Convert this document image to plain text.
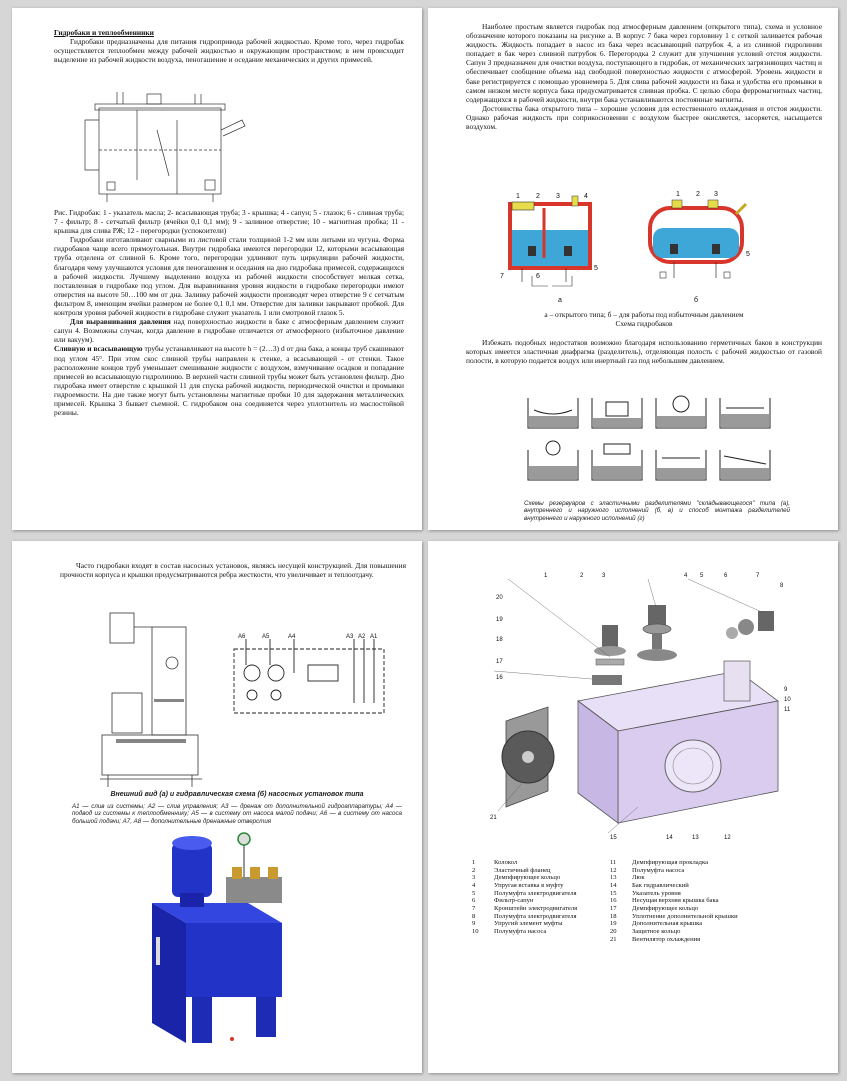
Гидробаки и теплообменники

Гидробаки предназначены для питания гидропривода рабочей жидкостью. Кроме того, через гидробак осуществляется теплообмен между рабочей жидкостью и окружающим пространством; в нем происходит выделение из рабочей жидкости воздуха, пеногашение и оседание механических и других примесей.

Рис. Гидробак: 1 - указатель масла; 2- всасывающая труба; 3 - крышка; 4 - сапун; 5 - глазок; 6 - сливная труба; 7 - фильтр; 8 - сетчатый фильтр (ячейки 0,1 0,1 мм); 9 - заливное отверстие; 10 - магнитная пробка; 11 - крышка для слива РЖ; 12 - перегородки (успокоители)

Гидробаки изготавливают сварными из листовой стали толщиной 1-2 мм или литыми из чугуна. Форма гидробаков чаще всего прямоугольная. Внутри гидробака имеются перегородки 12, которыми всасывающая труба отделена от сливной 6. Кроме того, перегородки удлиняют путь циркуляции рабочей жидкости, благодаря чему улучшаются условия для пеногашения и оседания на дно гидробака примесей, содержащихся в рабочей жидкости. Лучшему выделению воздуха из рабочей жидкости способствует мелкая сетка, поставленная в гидробаке под углом. Для выравнивания уровня жидкости в гидробаке перегородки имеют отверстия на высоте 50…100 мм от дна. Заливку рабочей жидкости производят через отверстие 9 с сетчатым фильтром 8, имеющим ячейки размером не более 0,1 0,1 мм. Отверстие для заливки закрывают пробкой. Для контроля уровня рабочей жидкости в гидробаке служит указатель 1 или смотровой глазок 5.

Для выравнивания давления над поверхностью жидкости в баке с атмосферным давлением служит сапун 4. Возможны случаи, когда давление в гидробаке отличается от атмосферного (избыточное давление или вакуум).

Сливную и всасывающую трубы устанавливают на высоте h = (2…3) d от дна бака, а концы труб скашивают под углом 45°. При этом скос сливной трубы направлен к стенке, а всасывающей - от стенки. Такое расположение концов труб уменьшает смешивание жидкости с воздухом, взмучивание осадков и попадание примесей во всасывающую гидролинию. В верхней части сливной трубы может быть установлен фильтр. Дно гидробака имеет отверстие с крышкой 11 для спуска рабочей жидкости, периодической очистки и промывки гидроемкости. На дне также могут быть установлены магнитные пробки 10 для задержания металлических примесей. Крышка 3 бывает съемной. С гидробаком она соединяется через уплотнитель из маслостойкой резины.

Наиболее простым является гидробак под атмосферным давлением (открытого типа), схема и условное обозначение которого показаны на рисунке а. В корпус 7 бака через горловину 1 с сеткой заливается рабочая жидкость. Жидкость попадает в насос из бака через всасывающий патрубок 4, а из сливной гидролинии попадает в бак через сливной патрубок 6. Перегородка 2 служит для улучшения условий отстоя жидкости. Сапун 3 предназначен для очистки воздуха, поступающего в гидробак, от механических загрязняющих частиц и обеспечивает сообщение объема над свободной поверхностью жидкости с атмосферой. Уровень жидкости в баке регистрируется с помощью уровнемера 5. Для слива рабочей жидкости из бака и удобства его промывки в самом низком месте корпуса бака предусматривается сливная пробка. С целью сбора ферромагнитных частиц, содержащихся в рабочей жидкости, внутри бака устанавливаются постоянные магниты.

Достоинства бака открытого типа – хорошие условия для естественного охлаждения и отстоя жидкости. Однако рабочая жидкость при соприкосновении с воздухом быстрее окисляется, засоряется, насыщается воздухом.

1 2 3	4
7	6
5
1 2 3
5
а	б

а – открытого типа; б – для работы под избыточным давлением

Схема гидробаков

Избежать подобных недостатков возможно благодаря использованию герметичных баков в конструкции которых имеется эластичная диафрагма (разделитель), отделяющая полость с рабочей жидкостью от газовой полости, в которую подается воздух или инертный газ под небольшим давлением.

Схемы резервуаров с эластичными разделителями "складывающегося" типа (а), внутреннего и наружного исполнений (б, в) и способ монтажа разделителей внутреннего и наружного исполнений (г)

Часто гидробаки входят в состав насосных установок, являясь несущей конструкцией. Для повышения прочности корпуса и крышки предусматриваются ребра жесткости, что увеличивает и теплоотдачу.

А6	А5	А4	А3 А2 А1

Внешний вид (а) и гидравлическая схема (б) насосных установок типа

А1 — слив из системы; А2 — слив управления; А3 — дренаж от дополнительной гидроаппаратуры; А4 — подвод из системы к теплообменнику; А5 — в систему от насоса малой подачи; А6 — в систему от насоса большой подачи; А7, А8 — дополнительные дренажные отверстия

1	2	3	4 5	6	7
8
9
10
11
12
13
14
15
16
17
18
19
20
21
1	Колокол
2	Эластичный фланец
3	Демпфирующее кольцо
4	Упругая вставка в муфту
5	Полумуфта электродвигателя
6	Фильтр-сапун
7	Кронштейн электродвигателя
8	Полумуфта электродвигателя
9	Упругий элемент муфты
10	Полумуфта насоса
11	Демпфирующая прокладка
12	Полумуфта насоса
13	Люк
14	Бак гидравлический
15	Указатель уровня
16	Несущая верхняя крышка бака
17	Демпфирующее кольцо
18	Уплотнение дополнительной крышки
19	Дополнительная крышка
20	Защитное кольцо
21	Вентилятор охлаждения
